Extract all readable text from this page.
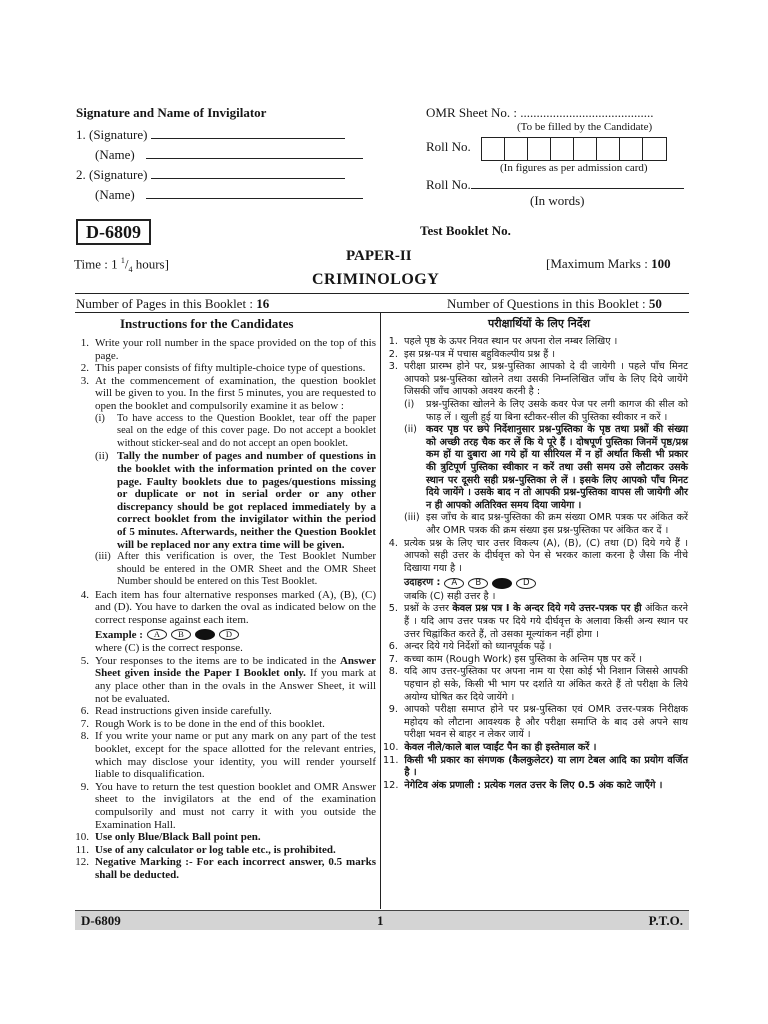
Signature and Name of Invigilator
1. (Signature)
(Name)
2. (Signature)
(Name)
OMR Sheet No. : .........................................
(To be filled by the Candidate)
Roll No.
(In figures as per admission card)
Roll No.
(In words)
D-6809	Test Booklet No.
Time : 1 $^1/_4$ hours]	PAPER-II
CRIMINOLOGY
[Maximum Marks : 100
Number of Pages in this Booklet : 16	Number of Questions in this Booklet : 50
Instructions for the Candidates
1. Write your roll number in the space provided on the top of this page.
2. This paper consists of fifty multiple-choice type of questions.
3. At the commencement of examination, the question booklet will be given to you. In the first 5 minutes, you are requested to open the booklet and compulsorily examine it as below :
(i)	To have access to the Question Booklet, tear off the paper seal on the edge of this cover page. Do not accept a booklet without sticker-seal and do not accept an open booklet.
(ii) Tally the number of pages and number of questions in the booklet with the information printed on the cover page. Faulty booklets due to pages/questions missing or duplicate or not in serial order or any other discrepancy should be got replaced immediately by a correct booklet from the invigilator within the period of 5 minutes. Afterwards, neither the Question Booklet will be replaced nor any extra time will be given.
(iii) After this verification is over, the Test Booklet Number should be entered in the OMR Sheet and the OMR Sheet Number should be entered on this Test Booklet.
4. Each item has four alternative responses marked (A), (B), (C) and (D). You have to darken the oval as indicated below on the correct response against each item.
Example :	A	B	D
where (C) is the correct response.
5. Your responses to the items are to be indicated in the Answer Sheet given inside the Paper I Booklet only. If you mark at any place other than in the ovals in the Answer Sheet, it will not be evaluated.
6. Read instructions given inside carefully.
7. Rough Work is to be done in the end of this booklet.
8. If you write your name or put any mark on any part of the test booklet, except for the space allotted for the relevant entries, which may disclose your identity, you will render yourself liable to disqualification.
9. You have to return the test question booklet and OMR Answer sheet to the invigilators at the end of the examination compulsorily and must not carry it with you outside the Examination Hall.
10. Use only Blue/Black Ball point pen.
11. Use of any calculator or log table etc., is prohibited.
12. Negative Marking :- For each incorrect answer, 0.5 marks shall be deducted.
परीक्षार्थियों के लिए निर्देश
1. पहले पृष्ठ के ऊपर नियत स्थान पर अपना रोल नम्बर लिखिए ।
2. इस प्रश्न-पत्र में पचास बहुविकल्पीय प्रश्न हैं ।
3. परीक्षा प्रारम्भ होने पर, प्रश्न-पुस्तिका आपको दे दी जायेगी । पहले पाँच मिनट आपको प्रश्न-पुस्तिका खोलने तथा उसकी निम्नलिखित जाँच के लिए दिये जायेंगे जिसकी जाँच आपको अवश्य करनी है :
(i)	प्रश्न-पुस्तिका खोलने के लिए उसके कवर पेज पर लगी कागज की सील को फाड़ लें । खुली हुई या बिना स्टीकर-सील की पुस्तिका स्वीकार न करें ।
(ii) कवर पृष्ठ पर छपे निर्देशानुसार प्रश्न-पुस्तिका के पृष्ठ तथा प्रश्नों की संख्या को अच्छी तरह चैक कर लें कि ये पूरे हैं । दोषपूर्ण पुस्तिका जिनमें पृष्ठ/प्रश्न कम हों या दुबारा आ गये हों या सीरियल में न हों अर्थात किसी भी प्रकार की त्रुटिपूर्ण पुस्तिका स्वीकार न करें तथा उसी समय उसे लौटाकर उसके स्थान पर दूसरी सही प्रश्न-पुस्तिका ले लें । इसके लिए आपको पाँच मिनट दिये जायेंगे । उसके बाद न तो आपकी प्रश्न-पुस्तिका वापस ली जायेगी और न ही आपको अतिरिक्त समय दिया जायेगा ।
(iii) इस जाँच के बाद प्रश्न-पुस्तिका की क्रम संख्या OMR पत्रक पर अंकित करें और OMR पत्रक की क्रम संख्या इस प्रश्न-पुस्तिका पर अंकित कर दें ।
4. प्रत्येक प्रश्न के लिए चार उत्तर विकल्प (A), (B), (C) तथा (D) दिये गये हैं । आपको सही उत्तर के दीर्घवृत्त को पेन से भरकर काला करना है जैसा कि नीचे दिखाया गया है ।
उदाहरण :	A	B	D
जबकि (C) सही उत्तर है ।
5. प्रश्नों के उत्तर केवल प्रश्न पत्र I के अन्दर दिये गये उत्तर-पत्रक पर ही अंकित करने हैं । यदि आप उत्तर पत्रक पर दिये गये दीर्घवृत्त के अलावा किसी अन्य स्थान पर उत्तर चिह्नांकित करते हैं, तो उसका मूल्यांकन नहीं होगा ।
6. अन्दर दिये गये निर्देशों को ध्यानपूर्वक पढ़ें ।
7. कच्चा काम (Rough Work) इस पुस्तिका के अन्तिम पृष्ठ पर करें ।
8. यदि आप उत्तर-पुस्तिका पर अपना नाम या ऐसा कोई भी निशान जिससे आपकी पहचान हो सके, किसी भी भाग पर दर्शाते या अंकित करते हैं तो परीक्षा के लिये अयोग्य घोषित कर दिये जायेंगे ।
9. आपको परीक्षा समाप्त होने पर प्रश्न-पुस्तिका एवं OMR उत्तर-पत्रक निरीक्षक महोदय को लौटाना आवश्यक है और परीक्षा समाप्ति के बाद उसे अपने साथ परीक्षा भवन से बाहर न लेकर जायें ।
10. केवल नीले/काले बाल प्वाईंट पैन का ही इस्तेमाल करें ।
11. किसी भी प्रकार का संगणक (कैलकुलेटर) या लाग टेबल आदि का प्रयोग वर्जित है ।
12. नेगेटिव अंक प्रणाली : प्रत्येक गलत उत्तर के लिए 0.5 अंक काटे जाएँगे ।
D-6809	1	P.T.O.
